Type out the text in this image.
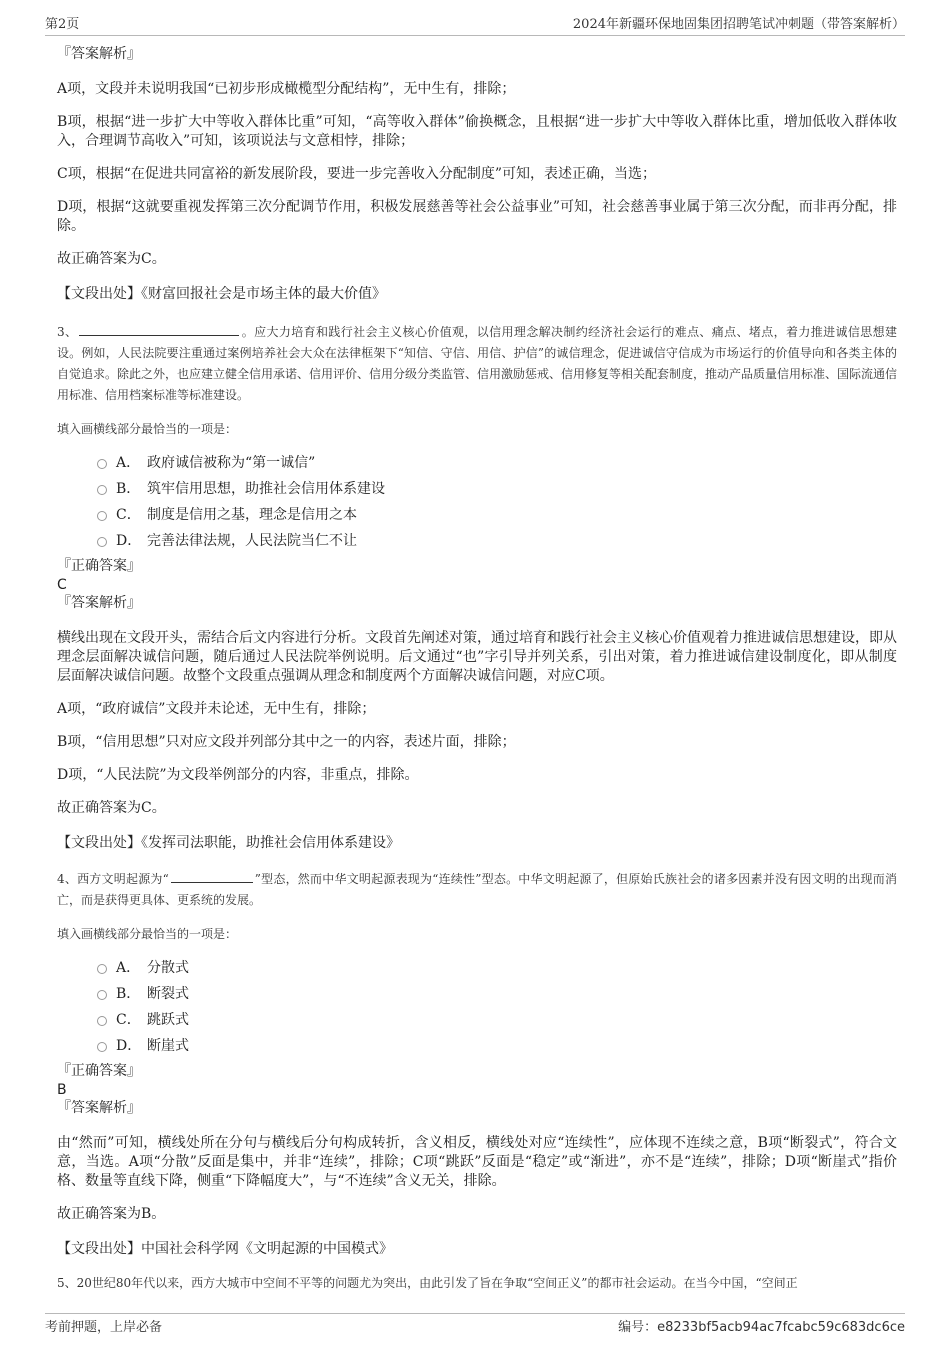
第2页	2024年新疆环保地固集团招聘笔试冲刺题（带答案解析）

『答案解析』

A项，文段并未说明我国“已初步形成橄榄型分配结构”，无中生有，排除；

B项，根据“进一步扩大中等收入群体比重”可知，“高等收入群体”偷换概念，且根据“进一步扩大中等收入群体比重，增加低收入群体收入，合理调节高收入”可知，该项说法与文意相悖，排除；

C项，根据“在促进共同富裕的新发展阶段，要进一步完善收入分配制度”可知，表述正确，当选；

D项，根据“这就要重视发挥第三次分配调节作用，积极发展慈善等社会公益事业”可知，社会慈善事业属于第三次分配，而非再分配，排除。

故正确答案为C。

【文段出处】《财富回报社会是市场主体的最大价值》

3、	。应大力培育和践行社会主义核心价值观，以信用理念解决制约经济社会运行的难点、痛点、堵点，着力推进诚信思想建设。例如，人民法院要注重通过案例培养社会大众在法律框架下“知信、守信、用信、护信”的诚信理念，促进诚信守信成为市场运行的价值导向和各类主体的自觉追求。除此之外，也应建立健全信用承诺、信用评价、信用分级分类监管、信用激励惩戒、信用修复等相关配套制度，推动产品质量信用标准、国际流通信用标准、信用档案标准等标准建设。

填入画横线部分最恰当的一项是：

A． 政府诚信被称为“第一诚信”
B． 筑牢信用思想，助推社会信用体系建设
C． 制度是信用之基，理念是信用之本
D． 完善法律法规，人民法院当仁不让

『正确答案』

C

『答案解析』

横线出现在文段开头，需结合后文内容进行分析。文段首先阐述对策，通过培育和践行社会主义核心价值观着力推进诚信思想建设，即从理念层面解决诚信问题，随后通过人民法院举例说明。后文通过“也”字引导并列关系，引出对策，着力推进诚信建设制度化，即从制度层面解决诚信问题。故整个文段重点强调从理念和制度两个方面解决诚信问题，对应C项。

A项，“政府诚信”文段并未论述，无中生有，排除；

B项，“信用思想”只对应文段并列部分其中之一的内容，表述片面，排除；

D项，“人民法院”为文段举例部分的内容，非重点，排除。

故正确答案为C。

【文段出处】《发挥司法职能，助推社会信用体系建设》

4、西方文明起源为“	”型态，然而中华文明起源表现为“连续性”型态。中华文明起源了，但原始氏族社会的诸多因素并没有因文明的出现而消亡，而是获得更具体、更系统的发展。

填入画横线部分最恰当的一项是：

A． 分散式
B． 断裂式
C． 跳跃式
D． 断崖式

『正确答案』

B

『答案解析』

由“然而”可知，横线处所在分句与横线后分句构成转折，含义相反，横线处对应“连续性”，应体现不连续之意，B项“断裂式”，符合文意，当选。A项“分散”反面是集中，并非“连续”，排除；C项“跳跃”反面是“稳定”或“渐进”，亦不是“连续”，排除；D项“断崖式”指价格、数量等直线下降，侧重“下降幅度大”，与“不连续”含义无关，排除。

故正确答案为B。

【文段出处】中国社会科学网《文明起源的中国模式》

5、20世纪80年代以来，西方大城市中空间不平等的问题尤为突出，由此引发了旨在争取“空间正义”的都市社会运动。在当今中国，“空间正

考前押题，上岸必备	编号：e8233bf5acb94ac7fcabc59c683dc6ce
